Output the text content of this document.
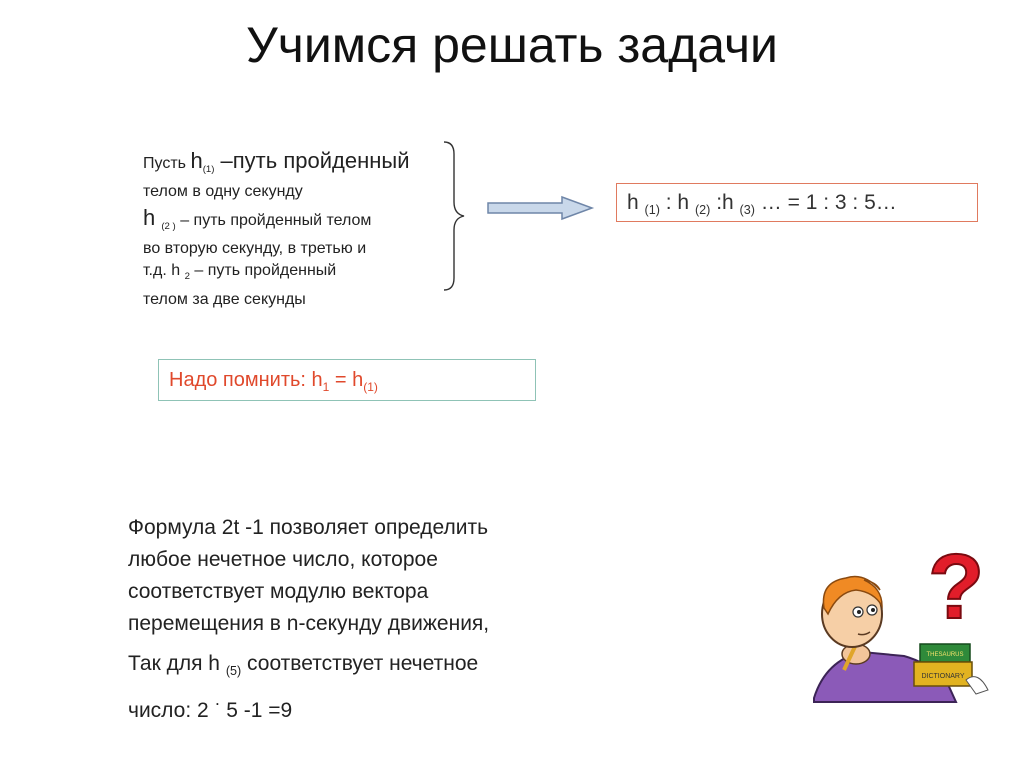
Учимся решать задачи
Пусть $h_{(1)}$ –путь пройденный
телом в одну секунду
h $_{(2 )}$ – путь пройденный телом
во вторую секунду, в третью и
т.д. h $_2$ – путь пройденный
телом за две секунды
h $_{(1)}$ : h $_{(2)}$ :h $_{(3)}$ … = 1 : 3 : 5…
Надо помнить: $h_1 = h_{(1)}$
Формула 2t -1 позволяет определить
любое нечетное число, которое
соответствует модулю вектора
перемещения в n-секунду движения,
Так для h $_{(5)}$ соответствует нечетное
число: 2 · 5 -1 =9
?
THESAURUS
DICTIONARY
